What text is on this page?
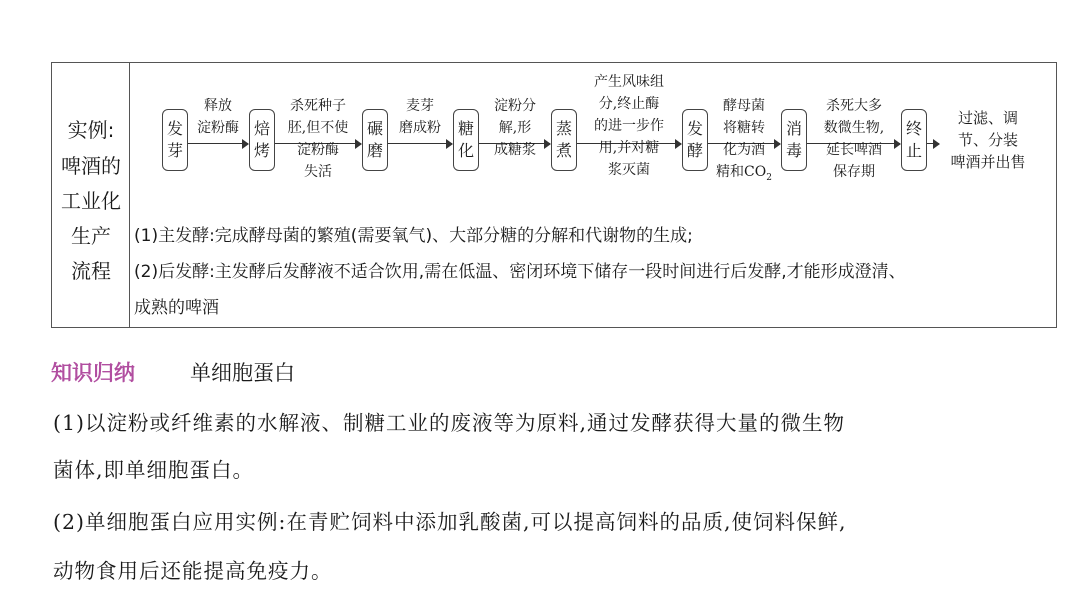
实例:
啤酒的
工业化
生产
流程
发
芽
焙
烤
碾
磨
糖
化
蒸
煮
发
酵
消
毒
终
止
释放
淀粉酶
杀死种子
胚,但不使
淀粉酶
失活
麦芽
磨成粉
淀粉分
解,形
成糖浆
产生风味组
分,终止酶
的进一步作
用,并对糖
浆灭菌
酵母菌
将糖转
化为酒
精和$CO_2$
杀死大多
数微生物,
延长啤酒
保存期
过滤、调
节、分装
啤酒并出售
(1)主发酵:完成酵母菌的繁殖(需要氧气)、大部分糖的分解和代谢物的生成;
(2)后发酵:主发酵后发酵液不适合饮用,需在低温、密闭环境下储存一段时间进行后发酵,才能形成澄清、
成熟的啤酒
知识归纳	单细胞蛋白
(1)以淀粉或纤维素的水解液、制糖工业的废液等为原料,通过发酵获得大量的微生物
菌体,即单细胞蛋白。
(2)单细胞蛋白应用实例:在青贮饲料中添加乳酸菌,可以提高饲料的品质,使饲料保鲜,
动物食用后还能提高免疫力。
